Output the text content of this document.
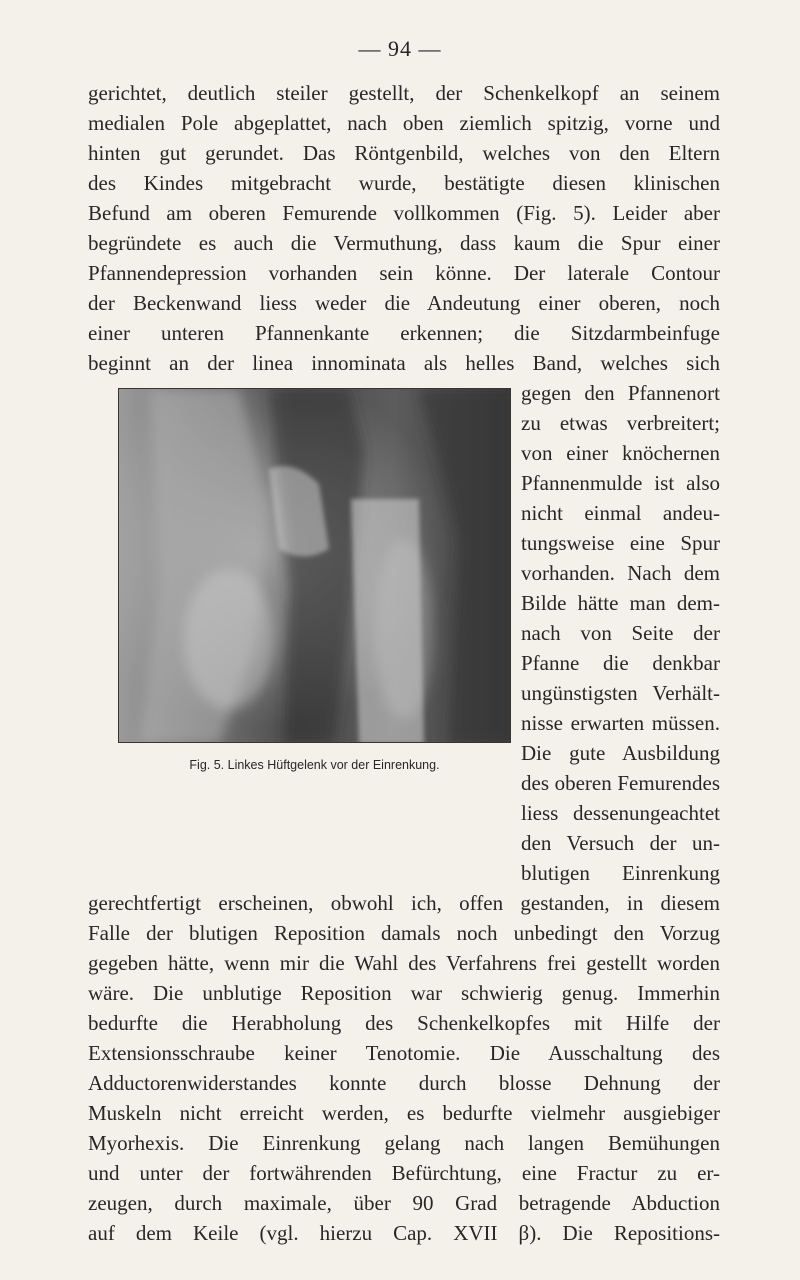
— 94 —
gerichtet, deutlich steiler gestellt, der Schenkelkopf an seinem
medialen Pole abgeplattet, nach oben ziemlich spitzig, vorne und
hinten gut gerundet. Das Röntgenbild, welches von den Eltern
des Kindes mitgebracht wurde, bestätigte diesen klinischen
Befund am oberen Femurende vollkommen (Fig. 5). Leider aber
begründete es auch die Vermuthung, dass kaum die Spur einer
Pfannendepression vorhanden sein könne. Der laterale Contour
der Beckenwand liess weder die Andeutung einer oberen, noch
einer unteren Pfannenkante erkennen; die Sitzdarmbeinfuge
beginnt an der linea innominata als helles Band, welches sich
Fig. 5. Linkes Hüftgelenk vor der Einrenkung.
gegen den Pfannenort
zu etwas verbreitert;
von einer knöchernen
Pfannenmulde ist also
nicht einmal andeu-
tungsweise eine Spur
vorhanden. Nach dem
Bilde hätte man dem-
nach von Seite der
Pfanne die denkbar
ungünstigsten Verhält-
nisse erwarten müssen.
Die gute Ausbildung
des oberen Femurendes
liess dessenungeachtet
den Versuch der un-
blutigen Einrenkung
gerechtfertigt erscheinen, obwohl ich, offen gestanden, in diesem
Falle der blutigen Reposition damals noch unbedingt den Vorzug
gegeben hätte, wenn mir die Wahl des Verfahrens frei gestellt worden
wäre. Die unblutige Reposition war schwierig genug. Immerhin
bedurfte die Herabholung des Schenkelkopfes mit Hilfe der
Extensionsschraube keiner Tenotomie. Die Ausschaltung des
Adductorenwiderstandes konnte durch blosse Dehnung der
Muskeln nicht erreicht werden, es bedurfte vielmehr ausgiebiger
Myorhexis. Die Einrenkung gelang nach langen Bemühungen
und unter der fortwährenden Befürchtung, eine Fractur zu er-
zeugen, durch maximale, über 90 Grad betragende Abduction
auf dem Keile (vgl. hierzu Cap. XVII β). Die Repositions-
